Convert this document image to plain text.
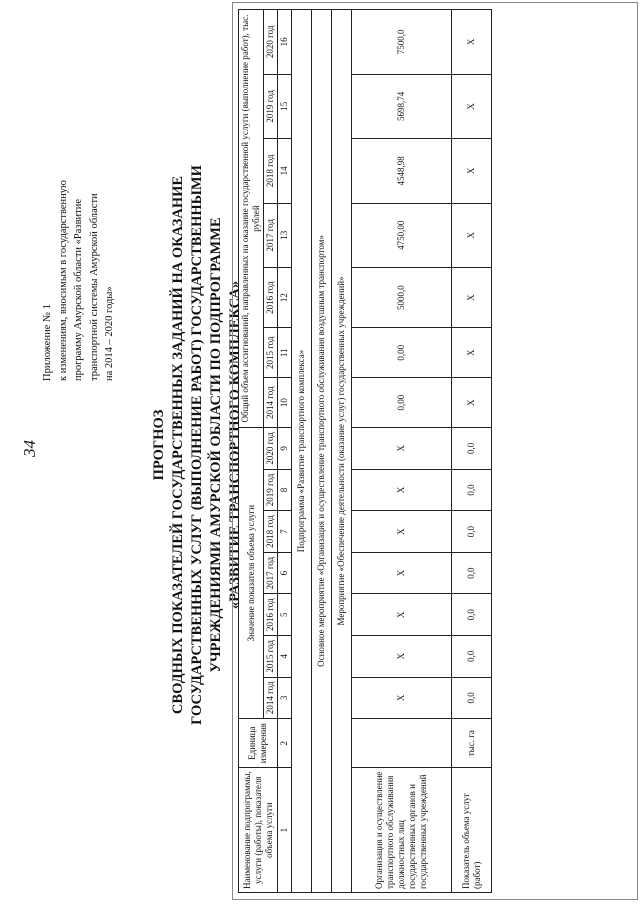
34
Приложение № 1 к изменениям, вносимым в государственную программу Амурской области «Развитие транспортной системы Амурской области на 2014 – 2020 годы»
ПРОГНОЗ СВОДНЫХ ПОКАЗАТЕЛЕЙ ГОСУДАРСТВЕННЫХ ЗАДАНИЙ НА ОКАЗАНИЕ ГОСУДАРСТВЕННЫХ УСЛУГ (ВЫПОЛНЕНИЕ РАБОТ) ГОСУДАРСТВЕННЫМИ УЧРЕЖДЕНИЯМИ АМУРСКОЙ ОБЛАСТИ ПО ПОДПРОГРАММЕ «РАЗВИТИЕ ТРАНСПОРТНОГО КОМПЛЕКСА»
Наименование подпрограммы, услуги (работы), показателя объема услуги	Единица измерения	Значение показателя объема услуги							Общий объем ассигнований, направленных на оказание государственной услуги (выполнение работ), тыс. рублей						
		2014 год	2015 год	2016 год	2017 год	2018 год	2019 год	2020 год	2014 год	2015 год	2016 год	2017 год	2018 год	2019 год	2020 год
1	2	3	4	5	6	7	8	9	10	11	12	13	14	15	16
Подпрограмма «Развитие транспортного комплекса»															
Основное мероприятие «Организация и осуществление транспортного обслуживания воздушным транспортом»															
Мероприятие «Обеспечение деятельности (оказание услуг) государственных учреждений»															
Организация и осуществление транспортного обслуживания должностных лиц государственных органов и государственных учреждений		X	X	X	X	X	X	X	0,00	0,00	5000,0	4750,00	4548,98	5698,74	7500,0
Показатель объема услуг (работ)	тыс. га	0,0	0,0	0,0	0,0	0,0	0,0	0,0	X	X	X	X	X	X	X
